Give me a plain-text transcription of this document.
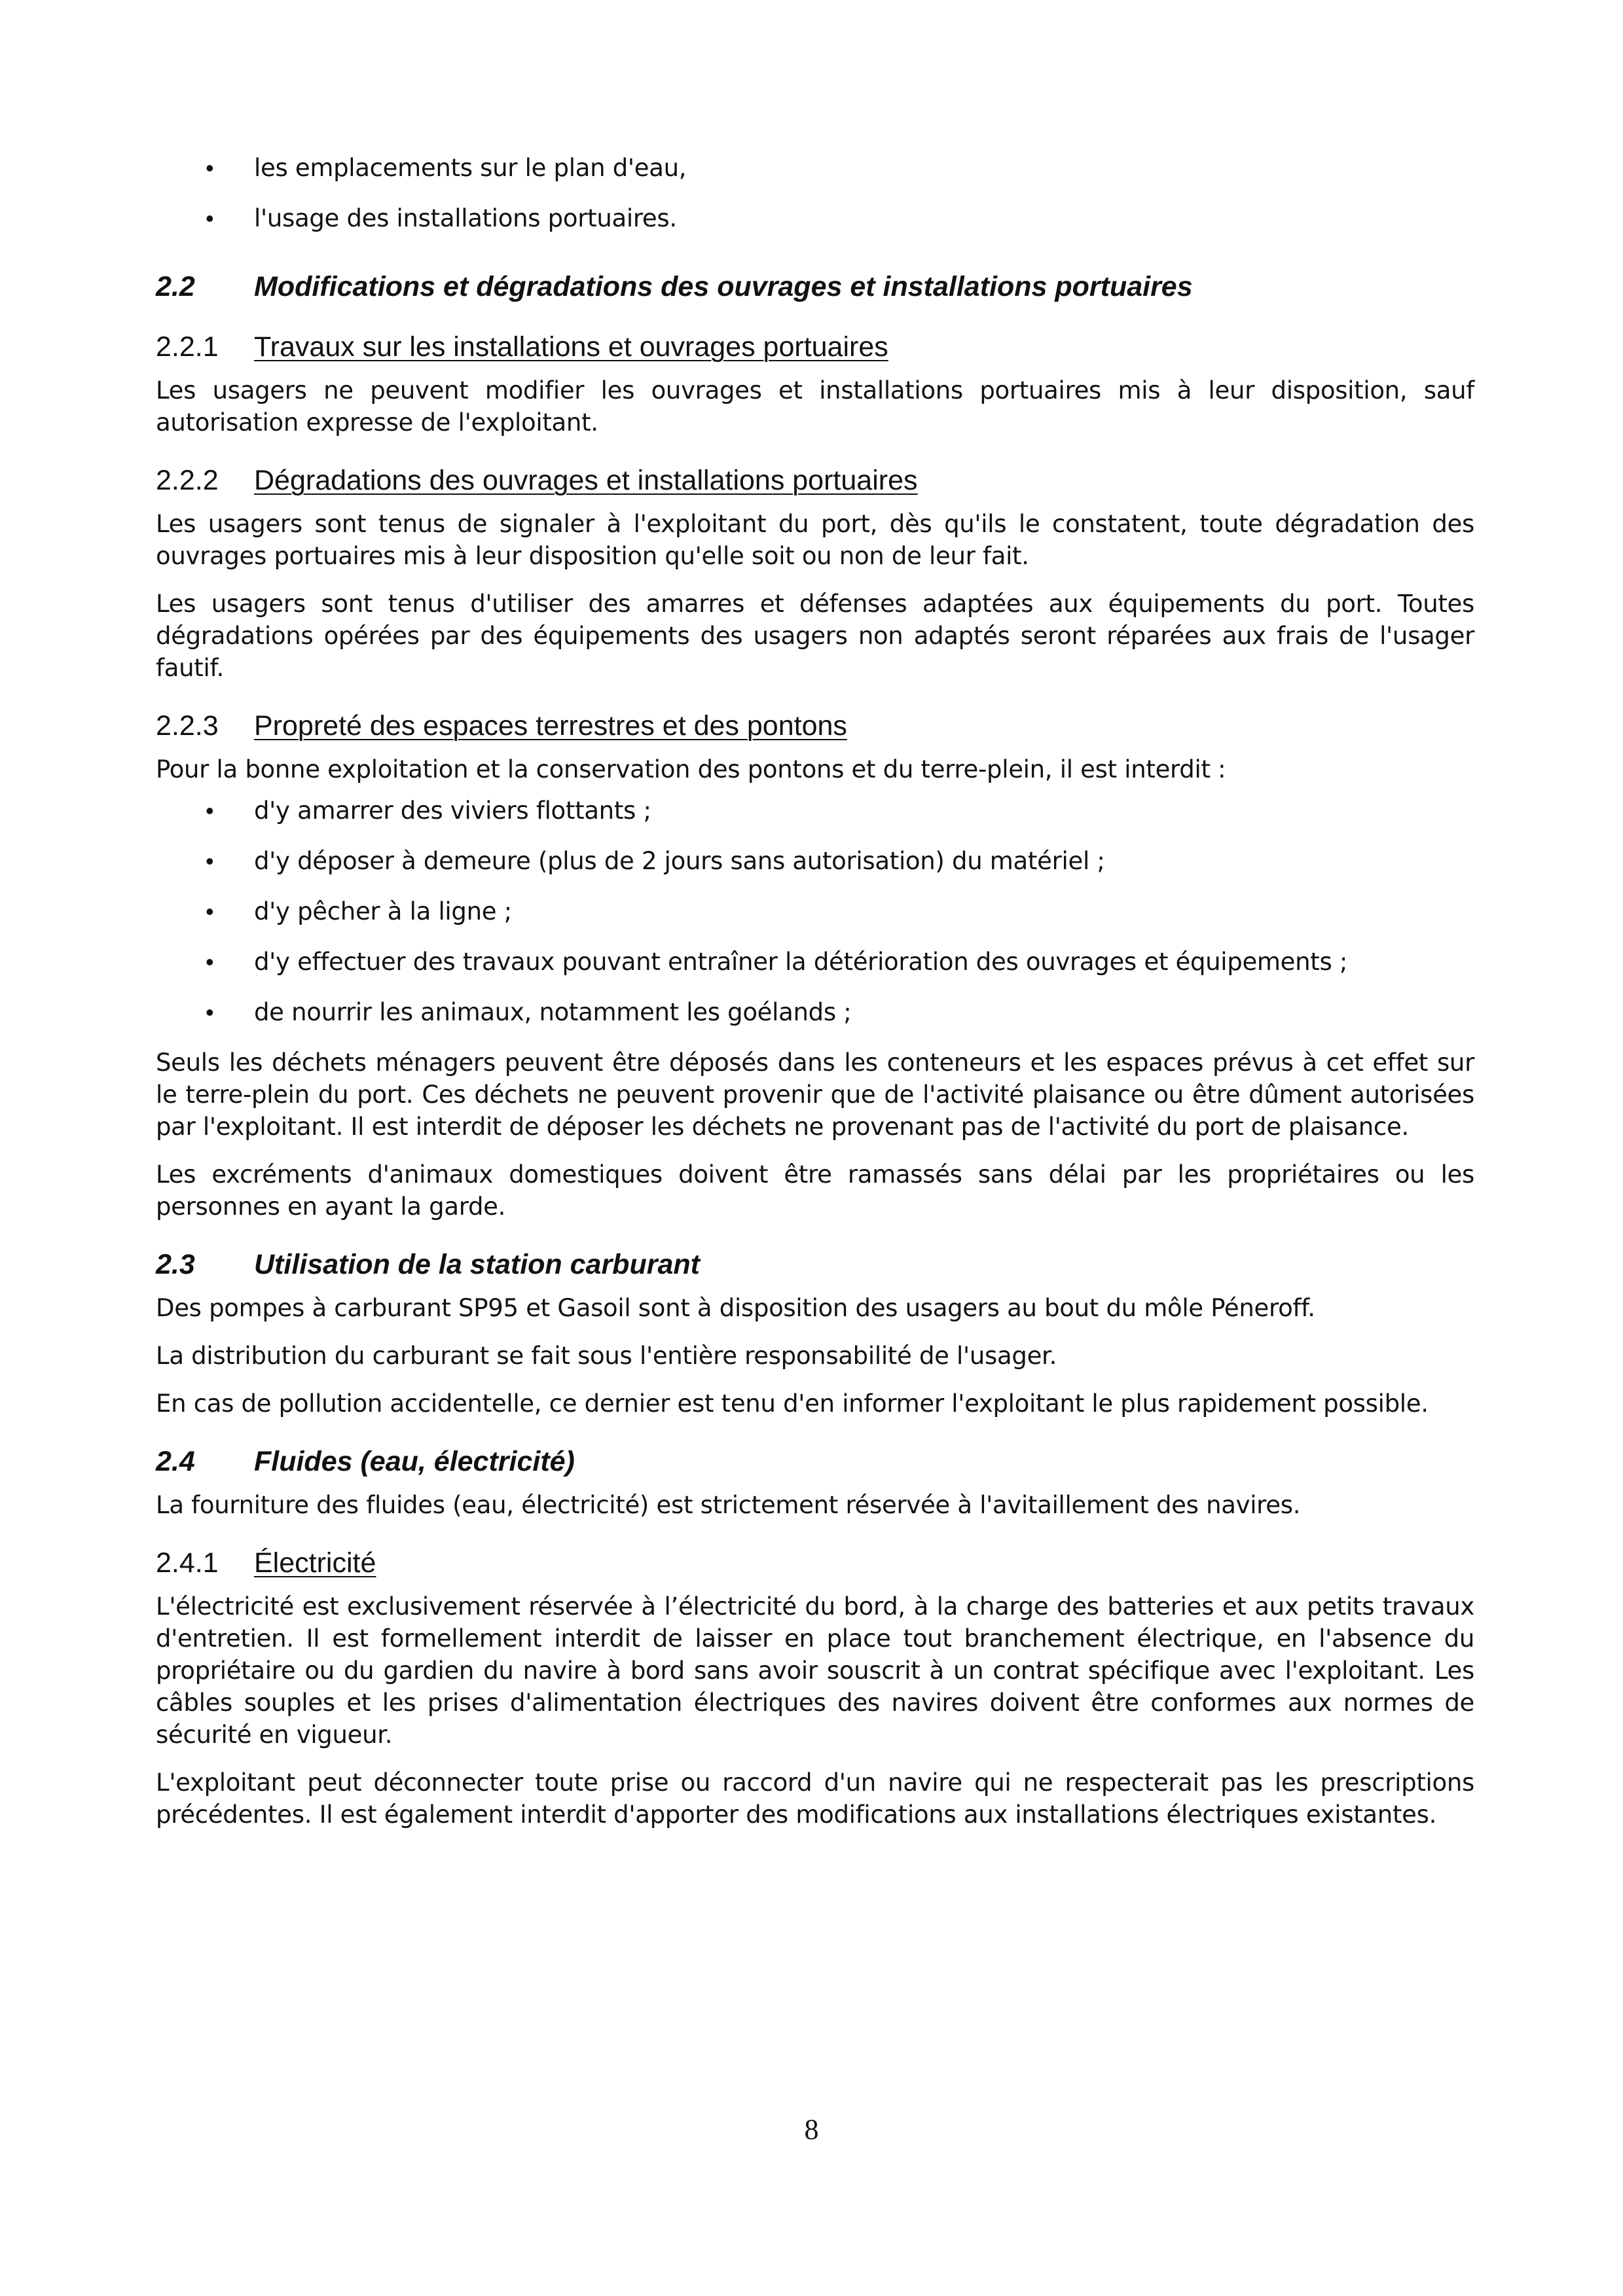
•	les emplacements sur le plan d'eau,
•	l'usage des installations portuaires.
2.2	Modifications et dégradations des ouvrages et installations portuaires
2.2.1	Travaux sur les installations et ouvrages portuaires

Les usagers ne peuvent modifier les ouvrages et installations portuaires mis à leur disposition, sauf autorisation expresse de l'exploitant.

2.2.2	Dégradations des ouvrages et installations portuaires

Les usagers sont tenus de signaler à l'exploitant du port, dès qu'ils le constatent, toute dégradation des ouvrages portuaires mis à leur disposition qu'elle soit ou non de leur fait.

Les usagers sont tenus d'utiliser des amarres et défenses adaptées aux équipements du port. Toutes dégradations opérées par des équipements des usagers non adaptés seront réparées aux frais de l'usager fautif.

2.2.3	Propreté des espaces terrestres et des pontons

Pour la bonne exploitation et la conservation des pontons et du terre-plein, il est interdit :

•	d'y amarrer des viviers flottants ;
•	d'y déposer à demeure (plus de 2 jours sans autorisation) du matériel ;
•	d'y pêcher à la ligne ;
•	d'y effectuer des travaux pouvant entraîner la détérioration des ouvrages et équipements ;
•	de nourrir les animaux, notamment les goélands ;

Seuls les déchets ménagers peuvent être déposés dans les conteneurs et les espaces prévus à cet effet sur le terre-plein du port. Ces déchets ne peuvent provenir que de l'activité plaisance ou être dûment autorisées par l'exploitant. Il est interdit de déposer les déchets ne provenant pas de l'activité du port de plaisance.

Les excréments d'animaux domestiques doivent être ramassés sans délai par les propriétaires ou les personnes en ayant la garde.

2.3	Utilisation de la station carburant

Des pompes à carburant SP95 et Gasoil sont à disposition des usagers au bout du môle Péneroff.

La distribution du carburant se fait sous l'entière responsabilité de l'usager.

En cas de pollution accidentelle, ce dernier est tenu d'en informer l'exploitant le plus rapidement possible.

2.4	Fluides (eau, électricité)

La fourniture des fluides (eau, électricité) est strictement réservée à l'avitaillement des navires.

2.4.1	Électricité

L'électricité est exclusivement réservée à l’électricité du bord, à la charge des batteries et aux petits travaux d'entretien. Il est formellement interdit de laisser en place tout branchement électrique, en l'absence du propriétaire ou du gardien du navire à bord sans avoir souscrit à un contrat spécifique avec l'exploitant. Les câbles souples et les prises d'alimentation électriques des navires doivent être conformes aux normes de sécurité en vigueur.

L'exploitant peut déconnecter toute prise ou raccord d'un navire qui ne respecterait pas les prescriptions précédentes. Il est également interdit d'apporter des modifications aux installations électriques existantes.

8
